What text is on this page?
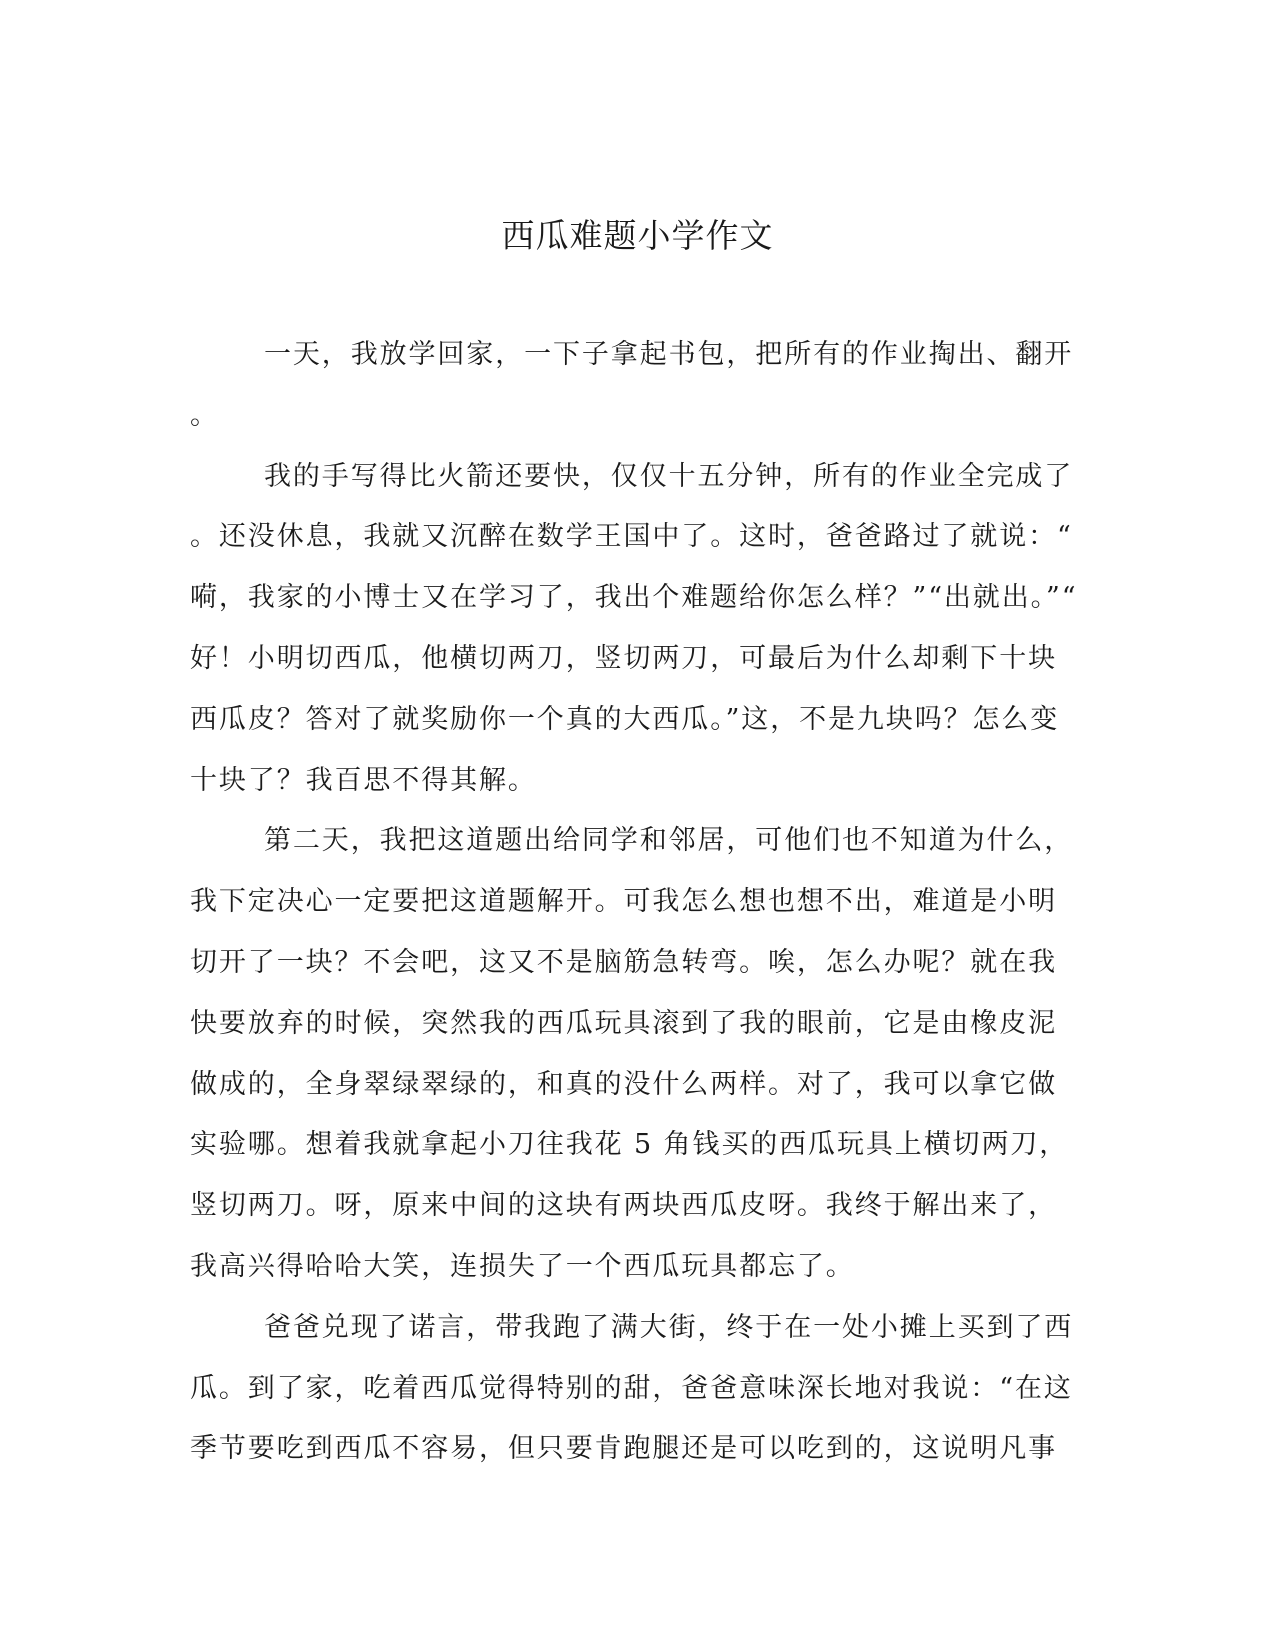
西瓜难题小学作文
一天，我放学回家，一下子拿起书包，把所有的作业掏出、翻开
。
我的手写得比火箭还要快，仅仅十五分钟，所有的作业全完成了
。还没休息，我就又沉醉在数学王国中了。这时，爸爸路过了就说：“
嗬，我家的小博士又在学习了，我出个难题给你怎么样？”“出就出。”“
好！小明切西瓜，他横切两刀，竖切两刀，可最后为什么却剩下十块
西瓜皮？答对了就奖励你一个真的大西瓜。”这，不是九块吗？怎么变
十块了？我百思不得其解。
第二天，我把这道题出给同学和邻居，可他们也不知道为什么，
我下定决心一定要把这道题解开。可我怎么想也想不出，难道是小明
切开了一块？不会吧，这又不是脑筋急转弯。唉，怎么办呢？就在我
快要放弃的时候，突然我的西瓜玩具滚到了我的眼前，它是由橡皮泥
做成的，全身翠绿翠绿的，和真的没什么两样。对了，我可以拿它做
实验哪。想着我就拿起小刀往我花 5 角钱买的西瓜玩具上横切两刀，
竖切两刀。呀，原来中间的这块有两块西瓜皮呀。我终于解出来了，
我高兴得哈哈大笑，连损失了一个西瓜玩具都忘了。
爸爸兑现了诺言，带我跑了满大街，终于在一处小摊上买到了西
瓜。到了家，吃着西瓜觉得特别的甜，爸爸意味深长地对我说：“在这
季节要吃到西瓜不容易，但只要肯跑腿还是可以吃到的，这说明凡事
